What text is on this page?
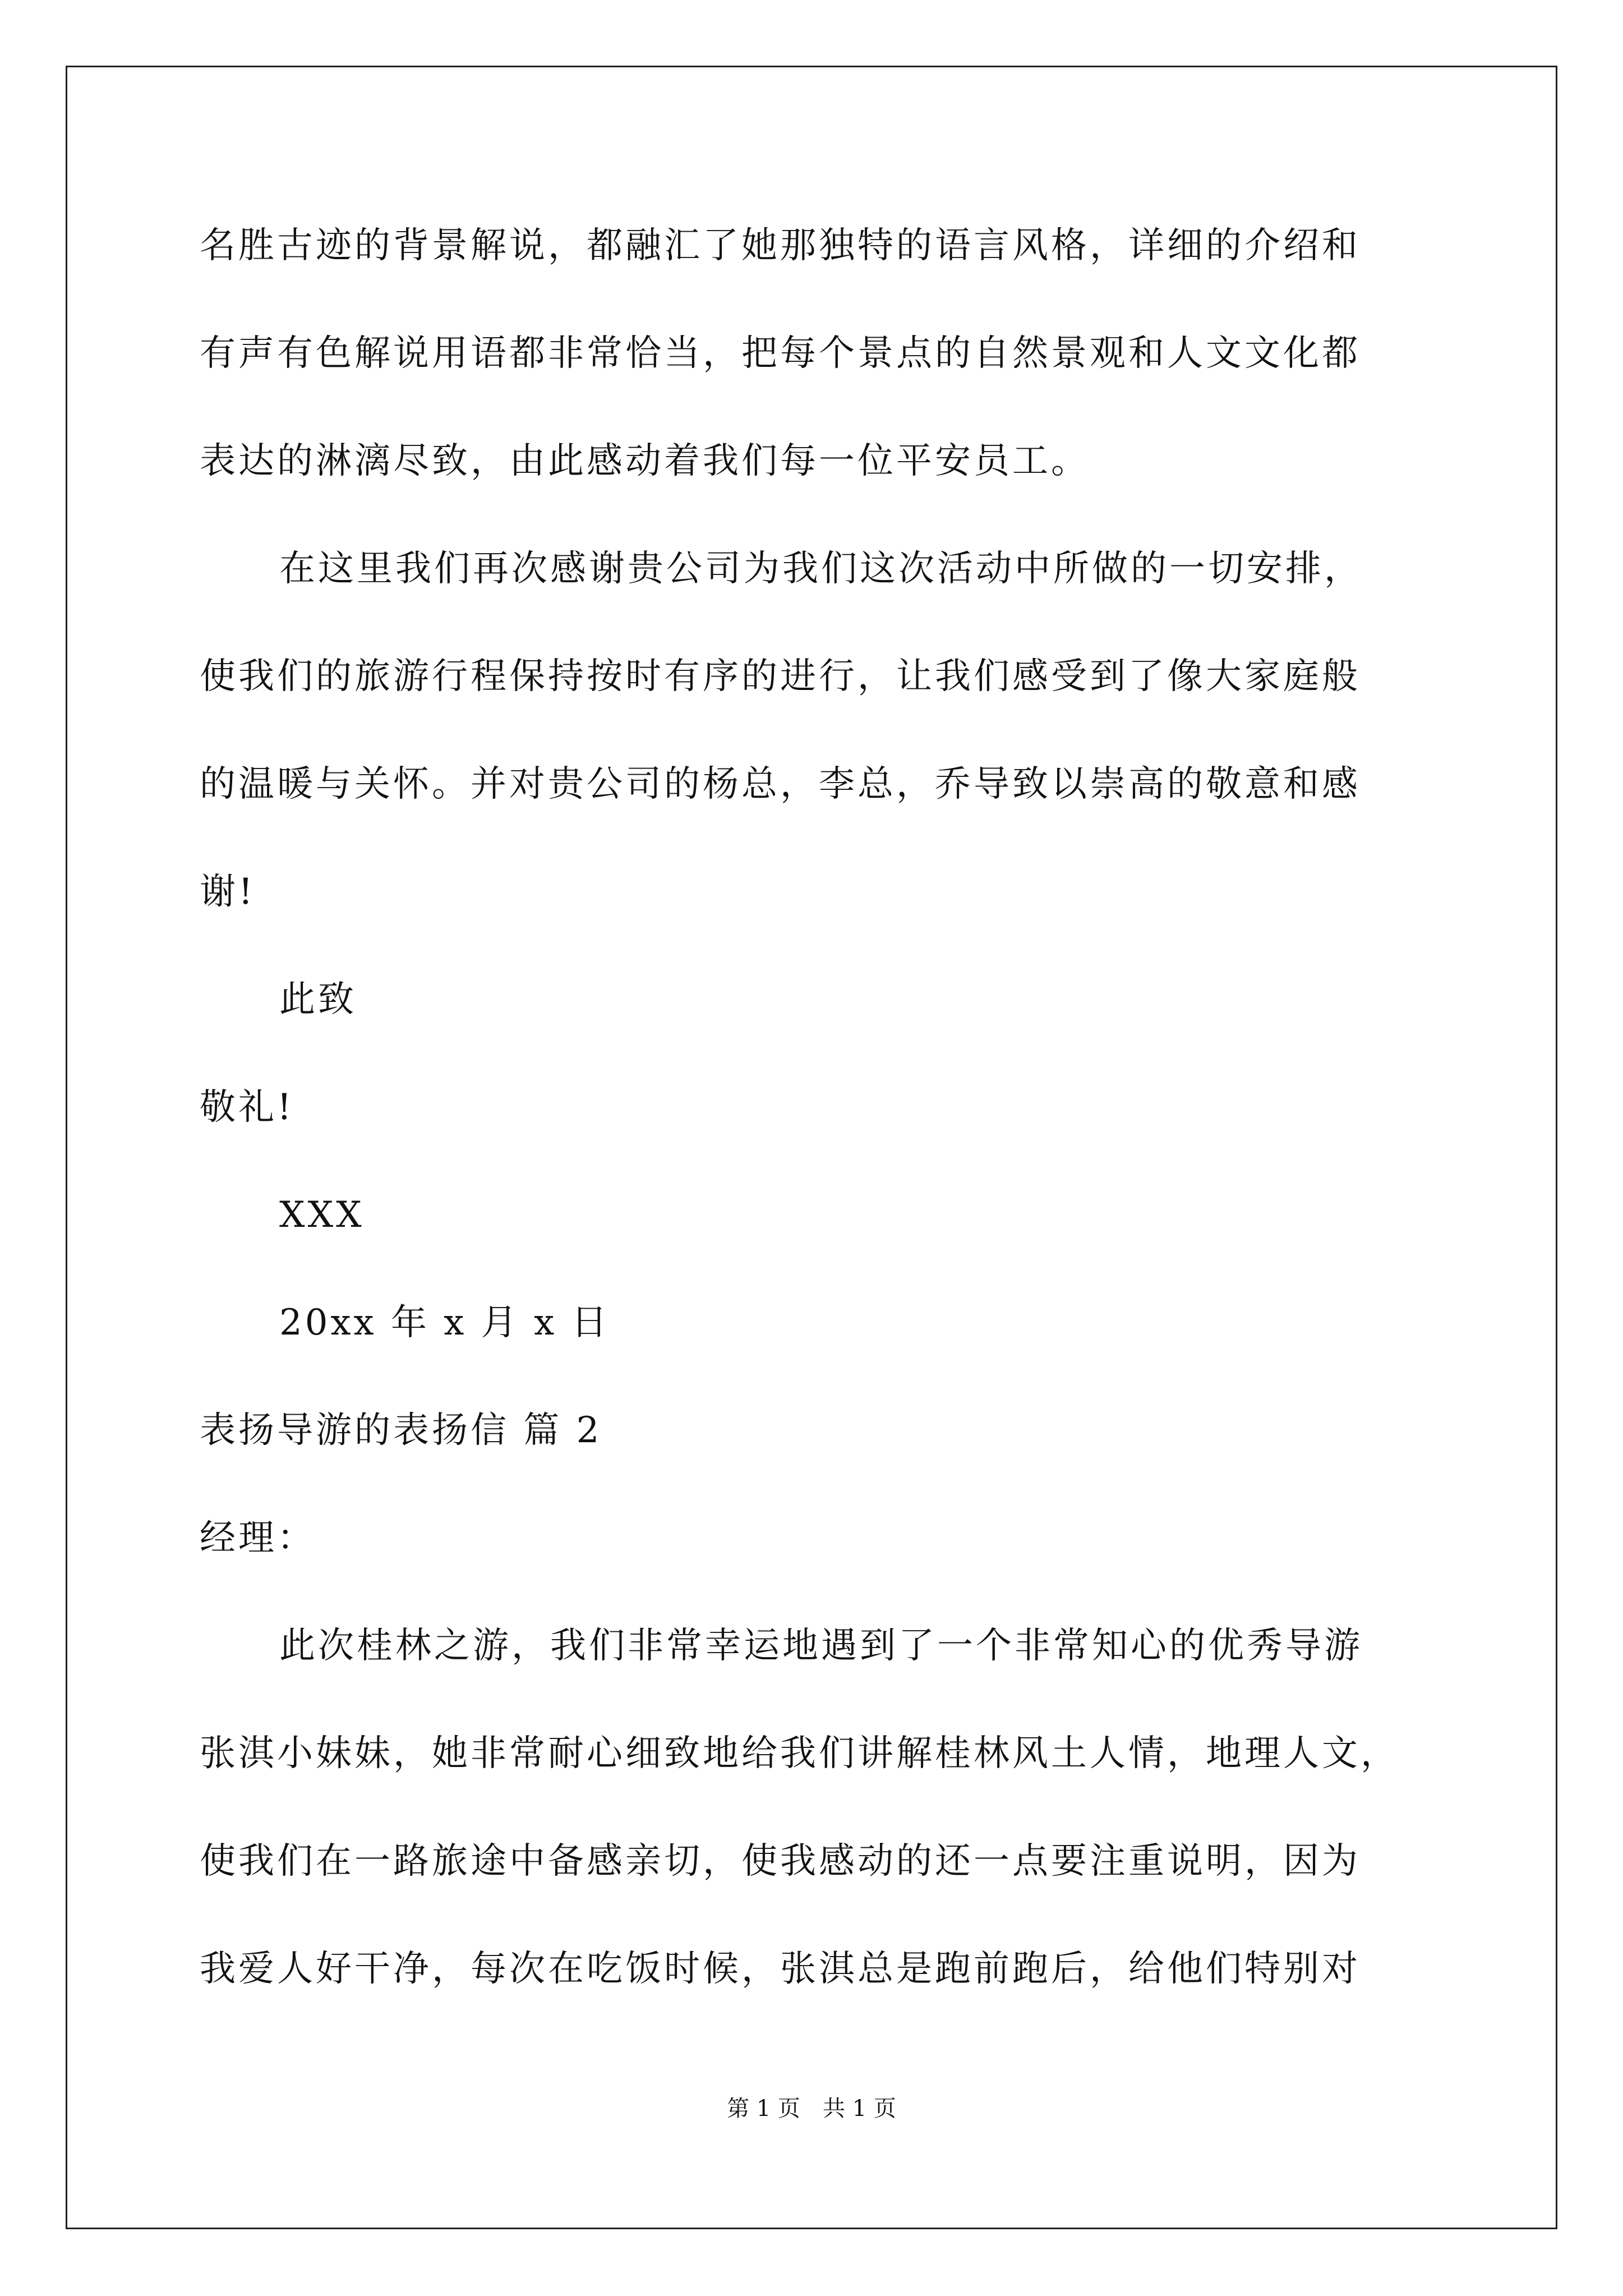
名胜古迹的背景解说，都融汇了她那独特的语言风格，详细的介绍和
有声有色解说用语都非常恰当，把每个景点的自然景观和人文文化都
表达的淋漓尽致，由此感动着我们每一位平安员工。
在这里我们再次感谢贵公司为我们这次活动中所做的一切安排，
使我们的旅游行程保持按时有序的进行，让我们感受到了像大家庭般
的温暖与关怀。并对贵公司的杨总，李总，乔导致以崇高的敬意和感
谢!
此致
敬礼!
XXX
20xx 年 x 月 x 日
表扬导游的表扬信 篇 2
经理：
此次桂林之游，我们非常幸运地遇到了一个非常知心的优秀导游
张淇小妹妹，她非常耐心细致地给我们讲解桂林风土人情，地理人文，
使我们在一路旅途中备感亲切，使我感动的还一点要注重说明，因为
我爱人好干净，每次在吃饭时候，张淇总是跑前跑后，给他们特别对
第 1 页　共 1 页
